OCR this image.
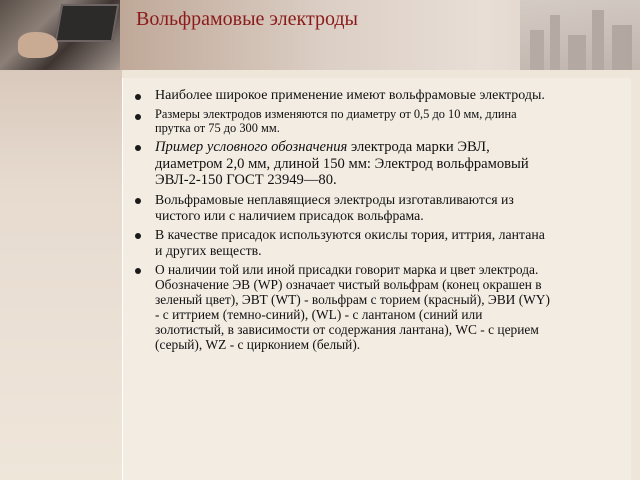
Вольфрамовые электроды
Наиболее широкое применение имеют вольфрамовые электроды.
Размеры электродов изменяются по диаметру от 0,5 до 10 мм, длина прутка от 75 до 300 мм.
Пример условного обозначения электрода марки ЭВЛ, диаметром 2,0 мм, длиной 150 мм: Электрод вольфрамовый ЭВЛ-2-150 ГОСТ 23949—80.
Вольфрамовые неплавящиеся электроды изготавливаются из чистого или с наличием присадок вольфрама.
В качестве присадок используются окислы тория, иттрия, лантана и других веществ.
О наличии той или иной присадки говорит марка и цвет электрода. Обозначение ЭВ (WP) означает чистый вольфрам (конец окрашен в зеленый цвет), ЭВТ (WT) - вольфрам с торием (красный), ЭВИ (WY) - с иттрием (темно-синий), (WL) - с лантаном (синий или золотистый, в зависимости от содержания лантана), WC - с церием (серый), WZ - с цирконием (белый).
